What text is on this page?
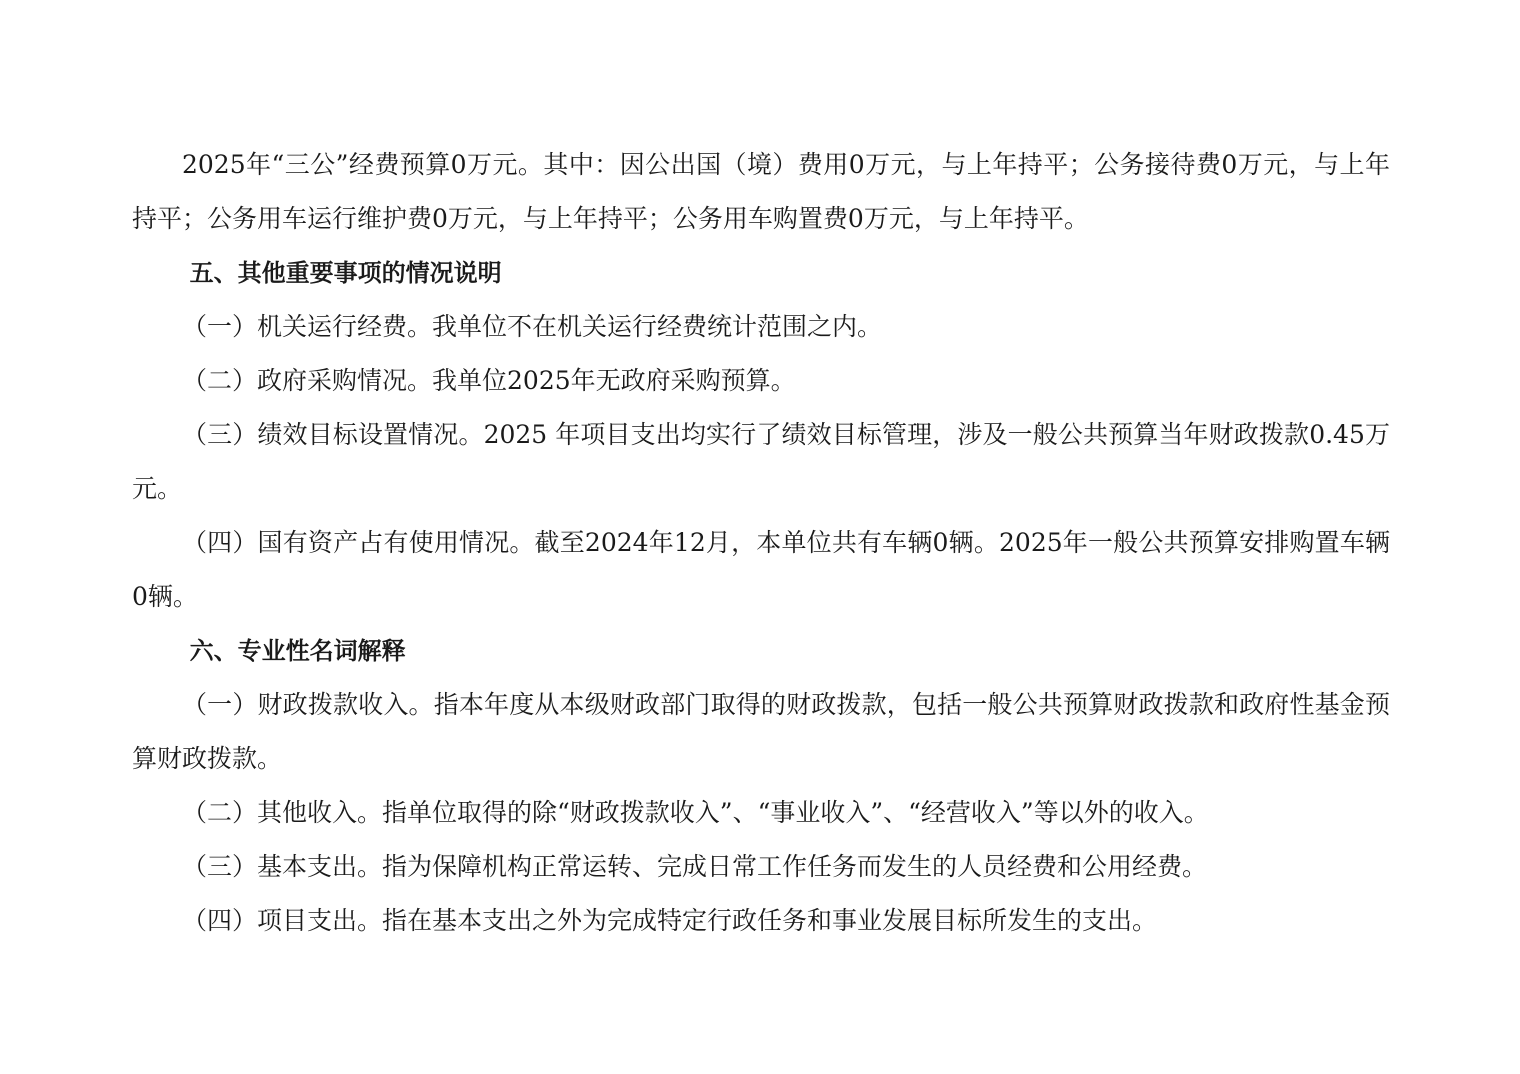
2025年“三公”经费预算0万元。其中：因公出国（境）费用0万元，与上年持平；公务接待费0万元，与上年持平；公务用车运行维护费0万元，与上年持平；公务用车购置费0万元，与上年持平。

五、其他重要事项的情况说明

（一）机关运行经费。我单位不在机关运行经费统计范围之内。

（二）政府采购情况。我单位2025年无政府采购预算。

（三）绩效目标设置情况。2025 年项目支出均实行了绩效目标管理，涉及一般公共预算当年财政拨款0.45万元。

（四）国有资产占有使用情况。截至2024年12月，本单位共有车辆0辆。2025年一般公共预算安排购置车辆0辆。

六、专业性名词解释

（一）财政拨款收入。指本年度从本级财政部门取得的财政拨款，包括一般公共预算财政拨款和政府性基金预算财政拨款。

（二）其他收入。指单位取得的除“财政拨款收入”、“事业收入”、“经营收入”等以外的收入。

（三）基本支出。指为保障机构正常运转、完成日常工作任务而发生的人员经费和公用经费。

（四）项目支出。指在基本支出之外为完成特定行政任务和事业发展目标所发生的支出。
